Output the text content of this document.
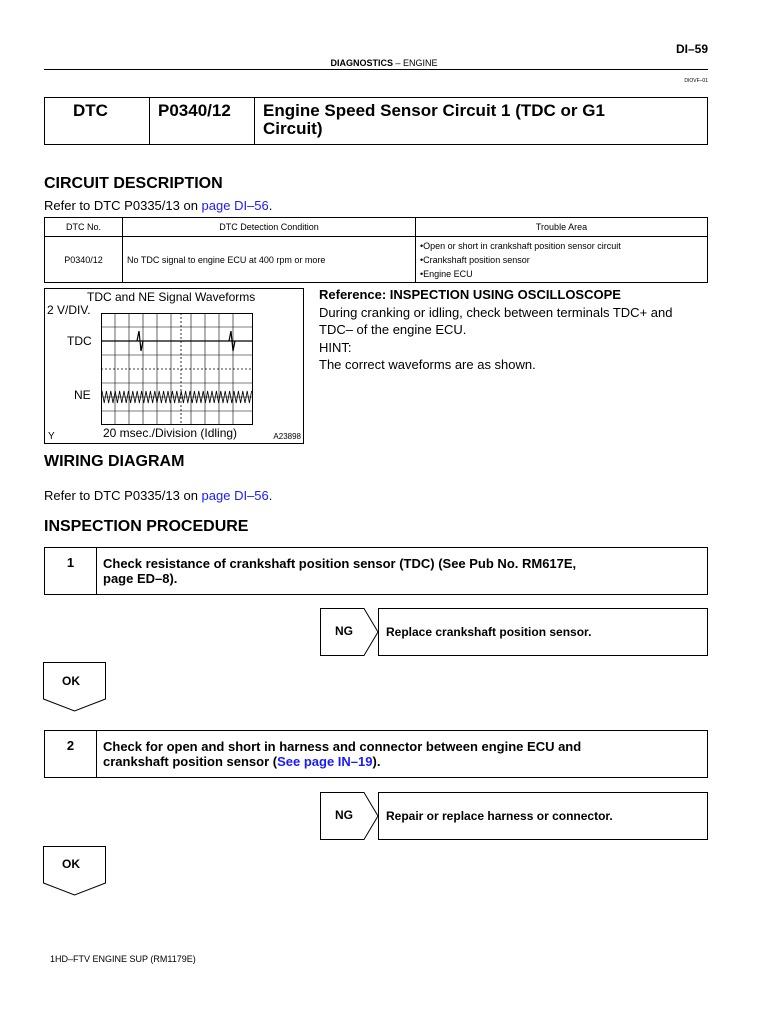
DI–59
DIAGNOSTICS – ENGINE
DIOVF–01
DTC	P0340/12 Engine Speed Sensor Circuit 1 (TDC or G1
Circuit)
CIRCUIT DESCRIPTION
Refer to DTC P0335/13 on page DI–56.
DTC No.	DTC Detection Condition	Trouble Area
P0340/12	No TDC signal to engine ECU at 400 rpm or more	•Open or short in crankshaft position sensor circuit
•Crankshaft position sensor
•Engine ECU
TDC and NE Signal Waveforms
2 V/DIV.
TDC
NE
20 msec./Division (Idling)
Y	A23898
Reference: INSPECTION USING OSCILLOSCOPE
During cranking or idling, check between terminals TDC+ and
TDC– of the engine ECU.
HINT:
The correct waveforms are as shown.
WIRING DIAGRAM
Refer to DTC P0335/13 on page DI–56.
INSPECTION PROCEDURE
1	Check resistance of crankshaft position sensor (TDC) (See Pub No. RM617E,
page ED–8).
NG	Replace crankshaft position sensor.
OK
2	Check for open and short in harness and connector between engine ECU and
crankshaft position sensor (See page IN–19).
NG	Repair or replace harness or connector.
OK
1HD–FTV ENGINE SUP (RM1179E)
